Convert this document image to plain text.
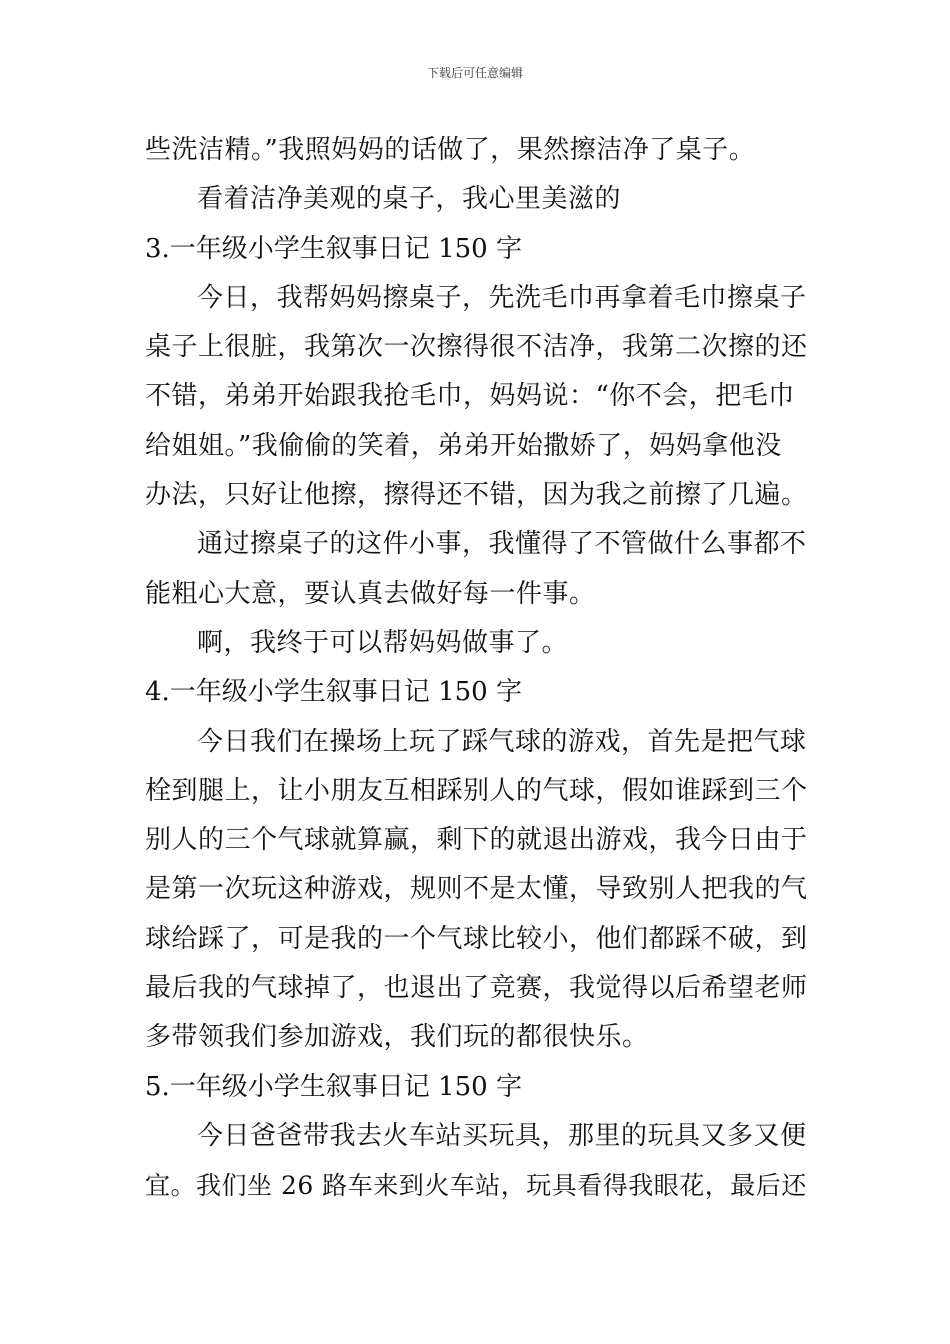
下载后可任意编辑
些洗洁精。”我照妈妈的话做了，果然擦洁净了桌子。
看着洁净美观的桌子，我心里美滋的
3.一年级小学生叙事日记 150 字
今日，我帮妈妈擦桌子，先洗毛巾再拿着毛巾擦桌子
桌子上很脏，我第次一次擦得很不洁净，我第二次擦的还
不错，弟弟开始跟我抢毛巾，妈妈说：“你不会，把毛巾
给姐姐。”我偷偷的笑着，弟弟开始撒娇了，妈妈拿他没
办法，只好让他擦，擦得还不错，因为我之前擦了几遍。
通过擦桌子的这件小事，我懂得了不管做什么事都不
能粗心大意，要认真去做好每一件事。
啊，我终于可以帮妈妈做事了。
4.一年级小学生叙事日记 150 字
今日我们在操场上玩了踩气球的游戏，首先是把气球
栓到腿上，让小朋友互相踩别人的气球，假如谁踩到三个
别人的三个气球就算赢，剩下的就退出游戏，我今日由于
是第一次玩这种游戏，规则不是太懂，导致别人把我的气
球给踩了，可是我的一个气球比较小，他们都踩不破，到
最后我的气球掉了，也退出了竞赛，我觉得以后希望老师
多带领我们参加游戏，我们玩的都很快乐。
5.一年级小学生叙事日记 150 字
今日爸爸带我去火车站买玩具，那里的玩具又多又便
宜。我们坐 26 路车来到火车站，玩具看得我眼花，最后还
